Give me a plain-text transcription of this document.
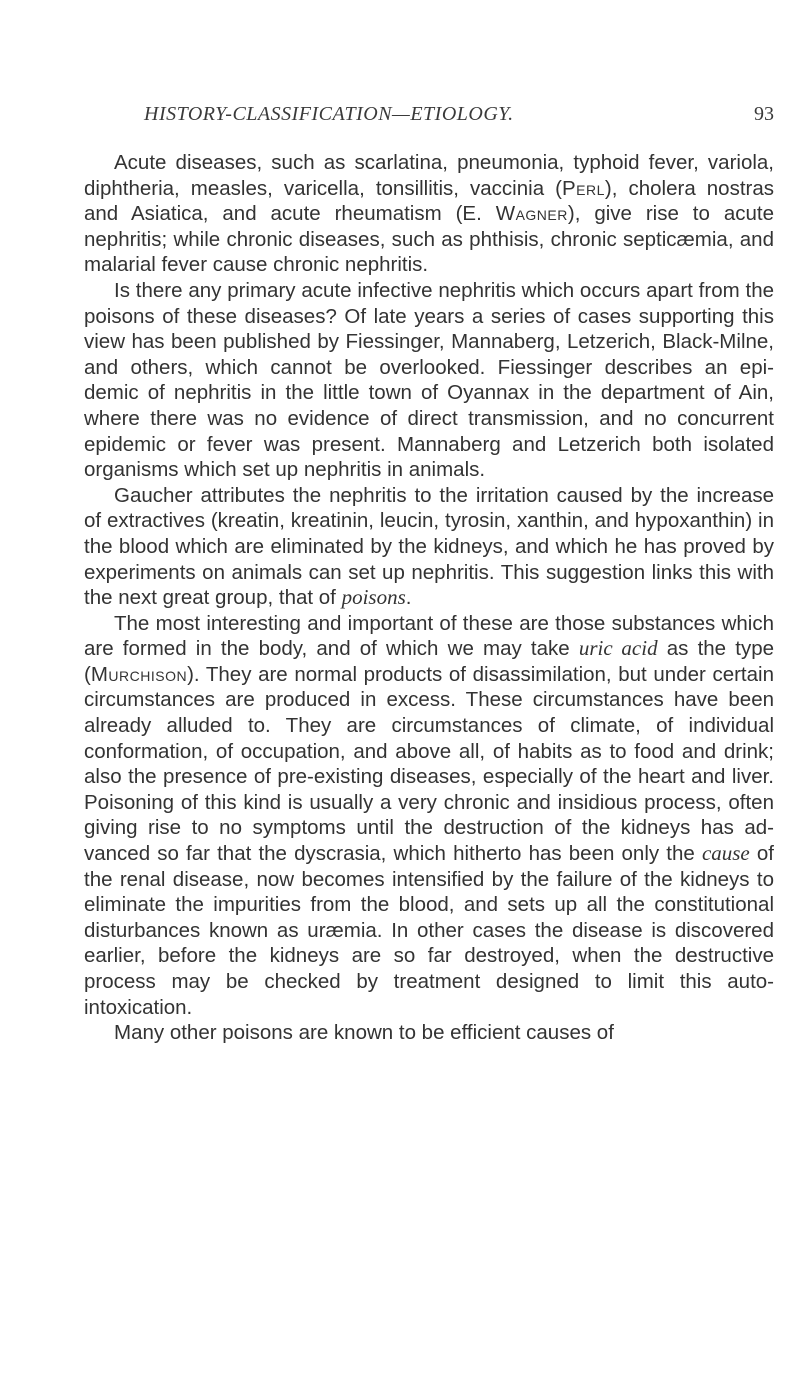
HISTORY-CLASSIFICATION—ETIOLOGY.	93

Acute diseases, such as scarlatina, pneumonia, typhoid fever, variola, diphtheria, measles, varicella, tonsillitis, vaccinia (Perl), cholera nostras and Asiatica, and acute rheumatism (E. Wagner), give rise to acute nephritis; while chronic diseases, such as phthisis, chronic septicæmia, and malarial fever cause chronic nephritis.

Is there any primary acute infective nephritis which occurs apart from the poisons of these diseases? Of late years a series of cases supporting this view has been published by Fiessinger, Mannaberg, Letzerich, Black-Milne, and others, which cannot be overlooked. Fiessinger describes an epi- demic of nephritis in the little town of Oyannax in the department of Ain, where there was no evidence of direct transmission, and no concurrent epidemic or fever was present. Mannaberg and Letzerich both isolated organisms which set up nephritis in animals.

Gaucher attributes the nephritis to the irritation caused by the increase of extractives (kreatin, kreatinin, leucin, tyrosin, xanthin, and hypoxanthin) in the blood which are eliminated by the kidneys, and which he has proved by experiments on animals can set up nephritis. This suggestion links this with the next great group, that of poisons.

The most interesting and important of these are those substances which are formed in the body, and of which we may take uric acid as the type (Murchison). They are normal products of disassimilation, but under certain circumstances are produced in excess. These circumstances have been already alluded to. They are circumstances of climate, of individual conformation, of occupation, and above all, of habits as to food and drink; also the presence of pre-existing diseases, especially of the heart and liver. Poisoning of this kind is usually a very chronic and insidious process, often giving rise to no symptoms until the destruction of the kidneys has ad- vanced so far that the dyscrasia, which hitherto has been only the cause of the renal disease, now becomes intensified by the failure of the kidneys to eliminate the impurities from the blood, and sets up all the constitutional disturbances known as uræmia. In other cases the disease is discovered earlier, before the kidneys are so far destroyed, when the destructive process may be checked by treatment designed to limit this auto-intoxication.

Many other poisons are known to be efficient causes of
